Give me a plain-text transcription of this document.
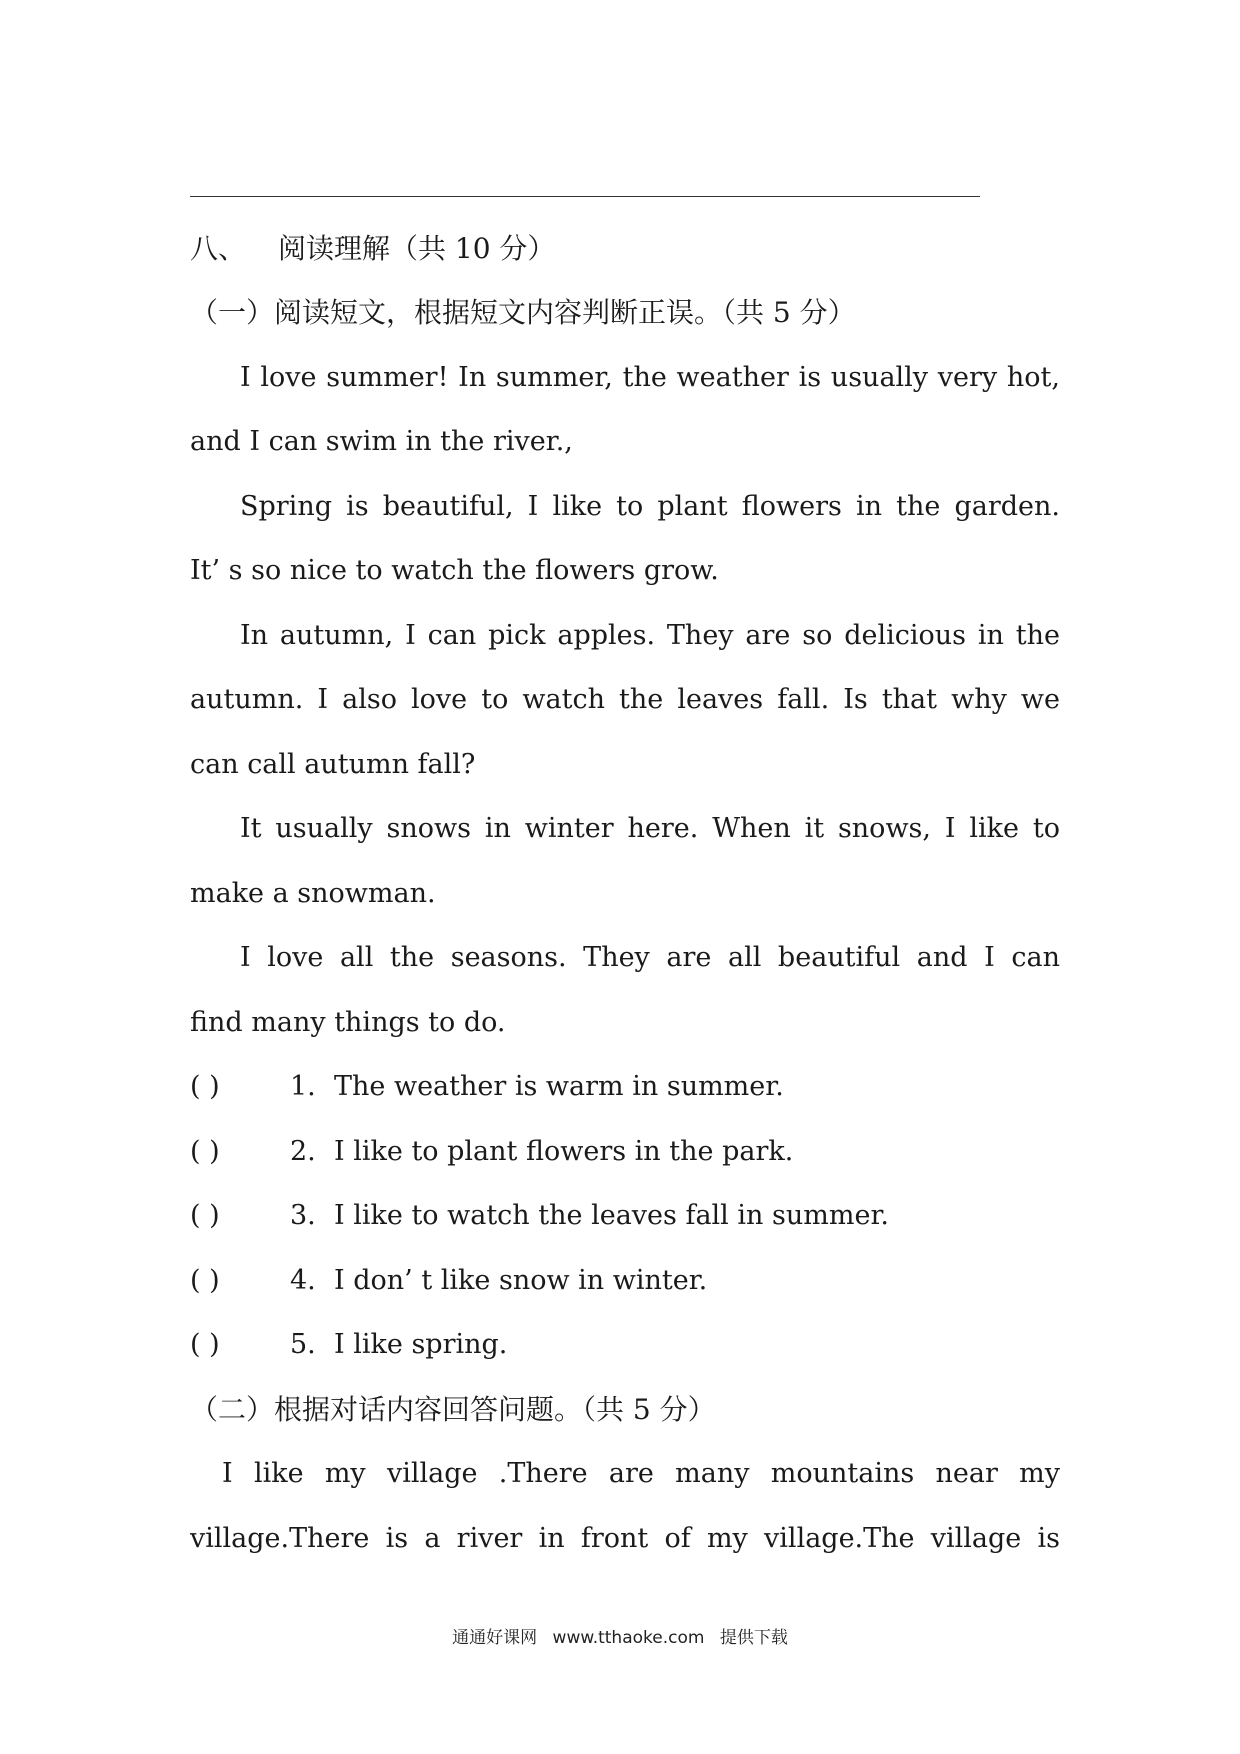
八、 阅读理解（共 10 分）
（一）阅读短文，根据短文内容判断正误。（共 5 分）
I love summer! In summer, the weather is usually very hot,
and I can swim in the river.,
Spring is beautiful, I like to plant flowers in the garden.
It’ s so nice to watch the flowers grow.
In autumn, I can pick apples. They are so delicious in the
autumn. I also love to watch the leaves fall. Is that why we
can call autumn fall?
It usually snows in winter here. When it snows, I like to
make a snowman.
I love all the seasons. They are all beautiful and I can
find many things to do.
( )	1. The weather is warm in summer.
( )	2. I like to plant flowers in the park.
( )	3. I like to watch the leaves fall in summer.
( )	4. I don’ t like snow in winter.
( )	5. I like spring.
（二）根据对话内容回答问题。（共 5 分）
I like my village .There are many mountains near my
village.There is a river in front of my village.The village is
通通好课网 www.tthaoke.com 提供下载
